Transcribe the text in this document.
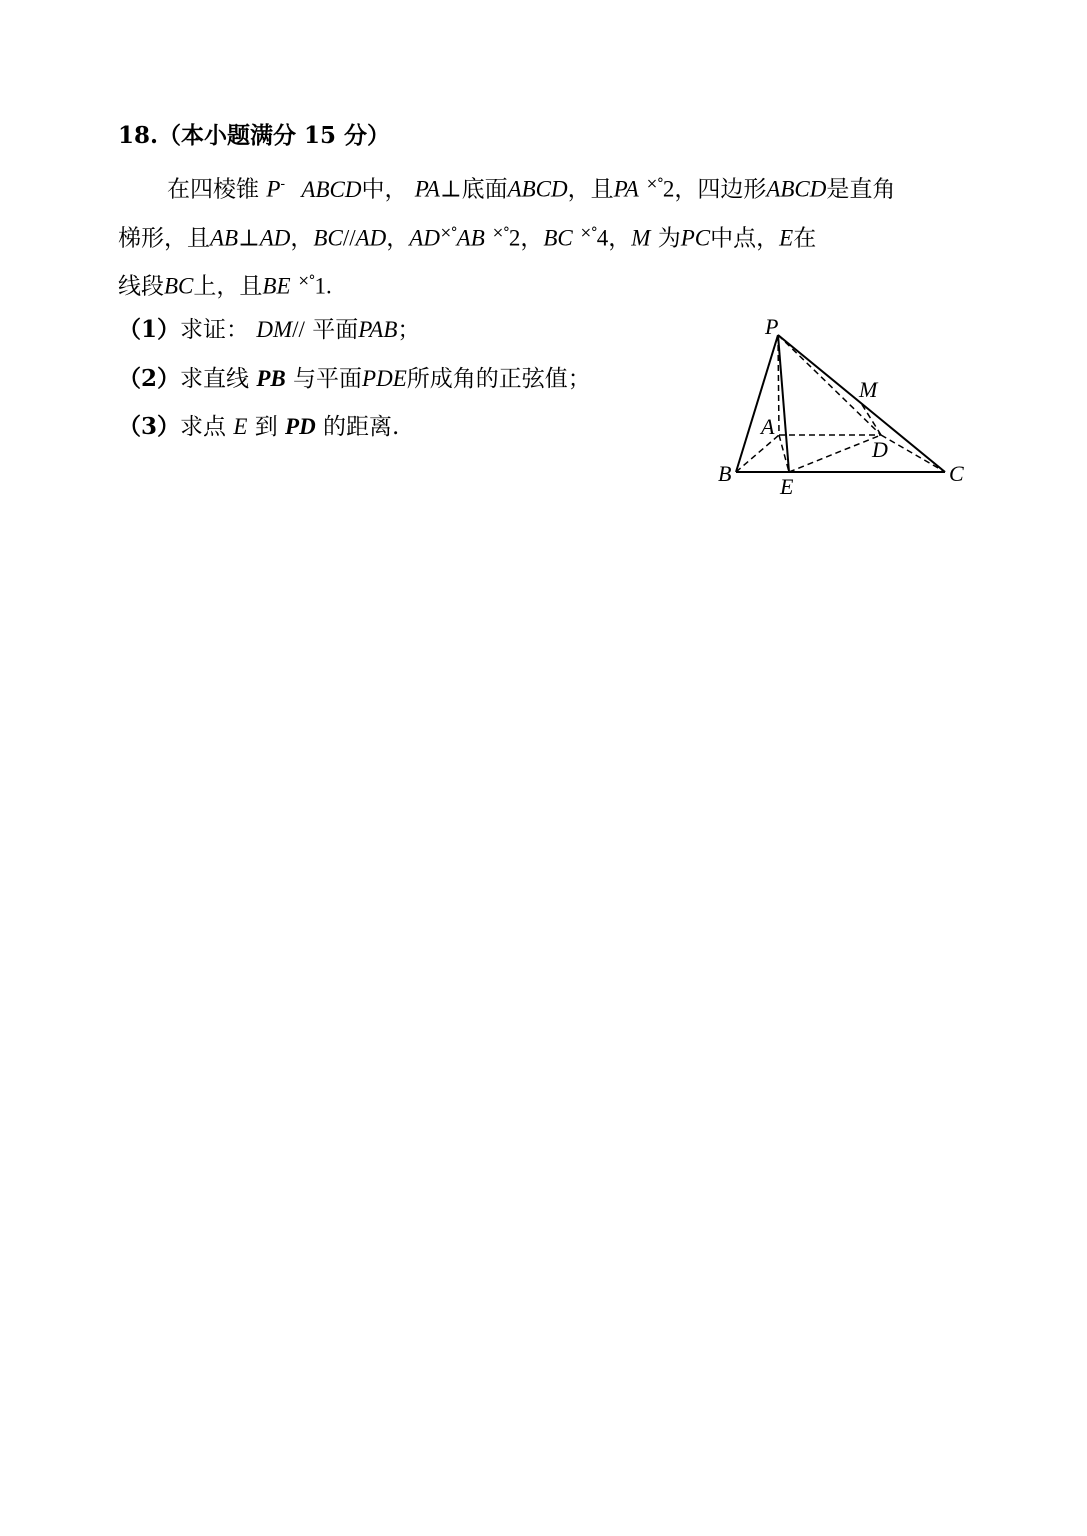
18.（本小题满分 15 分）
在四棱锥 P- ABCD中， PA⊥底面ABCD，且PA ×°2，四边形ABCD是直角
梯形，且AB⊥AD，BC//AD，AD×°AB ×°2，BC ×°4，M 为PC中点，E在
线段BC上，且BE ×°1.
（1）求证： DM// 平面PAB；
（2）求直线 PB 与平面PDE所成角的正弦值；
（3）求点 E 到 PD 的距离.
P
M
A
D
B
E
C
